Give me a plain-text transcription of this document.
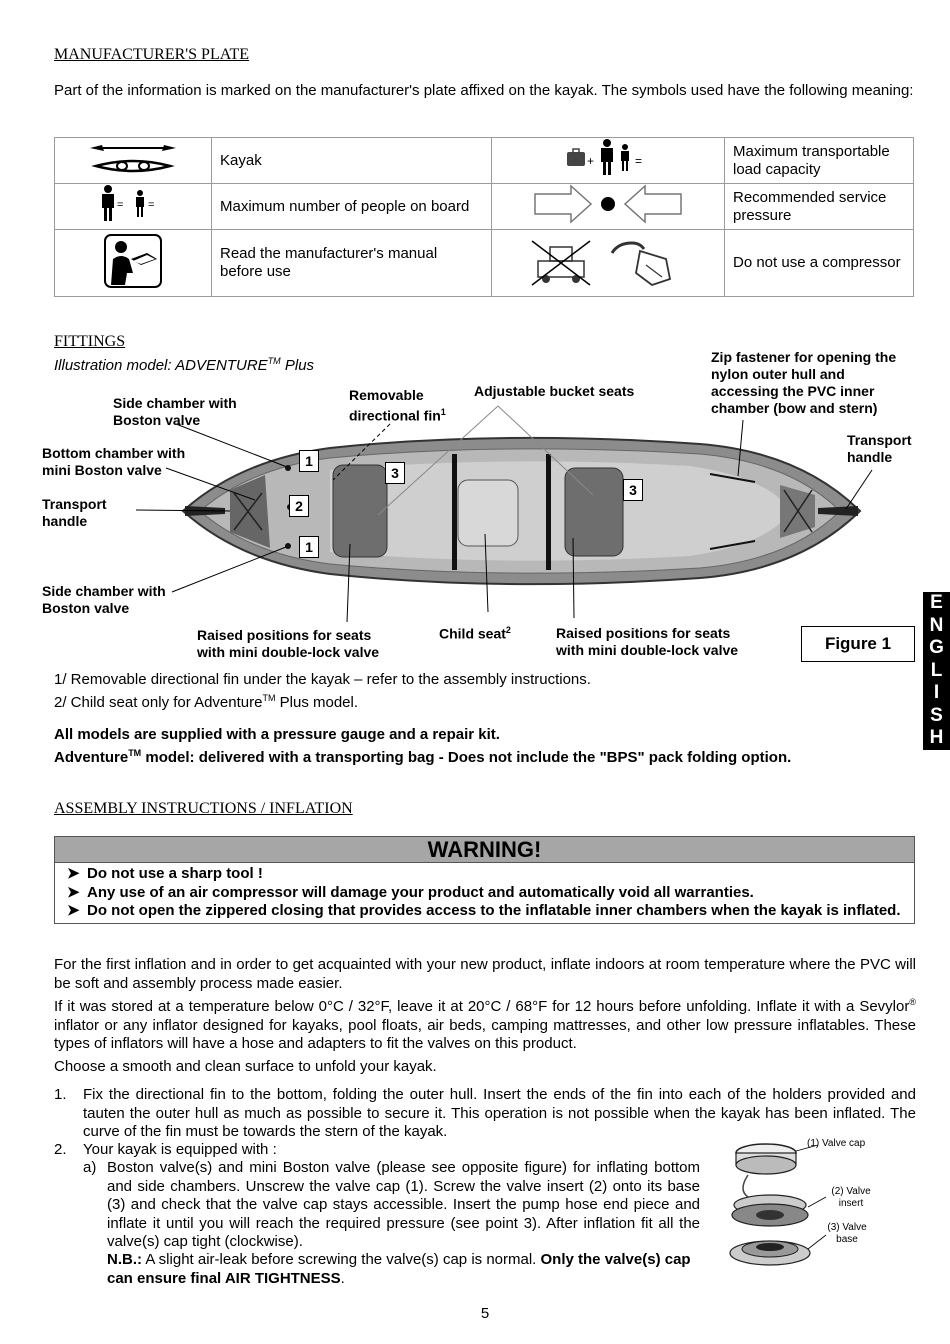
MANUFACTURER'S PLATE
Part of the information is marked on the manufacturer's plate affixed on the kayak. The symbols used have the following meaning:
	Kayak	+ =	Maximum transportable load capacity

= =	Maximum number of people on board		Recommended service pressure
	Read the manufacturer's manual before use		Do not use a compressor
FITTINGS
Illustration model: ADVENTURE™ Plus
Side chamber with Boston valve
Removable directional fin$^1$
Adjustable bucket seats
Zip fastener for opening the nylon outer hull and accessing the PVC inner chamber (bow and stern)
Transport handle
Bottom chamber with mini Boston valve
Transport handle
Side chamber with Boston valve
Raised positions for seats with mini double-lock valve
Child seat$^2$	Raised positions for seats with mini double-lock valve	Figure 1
1
2
1
3
3
E
N
G
L
I
S
H
1/ Removable directional fin under the kayak – refer to the assembly instructions.
2/ Child seat only for Adventure™ Plus model.
All models are supplied with a pressure gauge and a repair kit.
Adventure™ model: delivered with a transporting bag - Does not include the "BPS" pack folding option.
ASSEMBLY INSTRUCTIONS / INFLATION
WARNING!
➤ Do not use a sharp tool !
➤ Any use of an air compressor will damage your product and automatically void all warranties.
➤ Do not open the zippered closing that provides access to the inflatable inner chambers when the kayak is inflated.
For the first inflation and in order to get acquainted with your new product, inflate indoors at room temperature where the PVC will be soft and assembly process made easier.
If it was stored at a temperature below 0°C / 32°F, leave it at 20°C / 68°F for 12 hours before unfolding. Inflate it with a Sevylor® inflator or any inflator designed for kayaks, pool floats, air beds, camping mattresses, and other low pressure inflatables. These types of inflators will have a hose and adapters to fit the valves on this product.
Choose a smooth and clean surface to unfold your kayak.
1. Fix the directional fin to the bottom, folding the outer hull. Insert the ends of the fin into each of the holders provided and tauten the outer hull as much as possible to secure it. This operation is not possible when the kayak has been inflated. The curve of the fin must be towards the stern of the kayak.
2. Your kayak is equipped with :
a) Boston valve(s) and mini Boston valve (please see opposite figure) for inflating bottom and side chambers. Unscrew the valve cap (1). Screw the valve insert (2) onto its base (3) and check that the valve cap stays accessible. Insert the pump hose end piece and inflate it until you will reach the required pressure (see point 3). After inflation fit all the valve(s) cap tight (clockwise).
N.B.: A slight air-leak before screwing the valve(s) cap is normal. Only the valve(s) cap can ensure final AIR TIGHTNESS.
(1) Valve cap
(2) Valve insert
(3) Valve base
5
